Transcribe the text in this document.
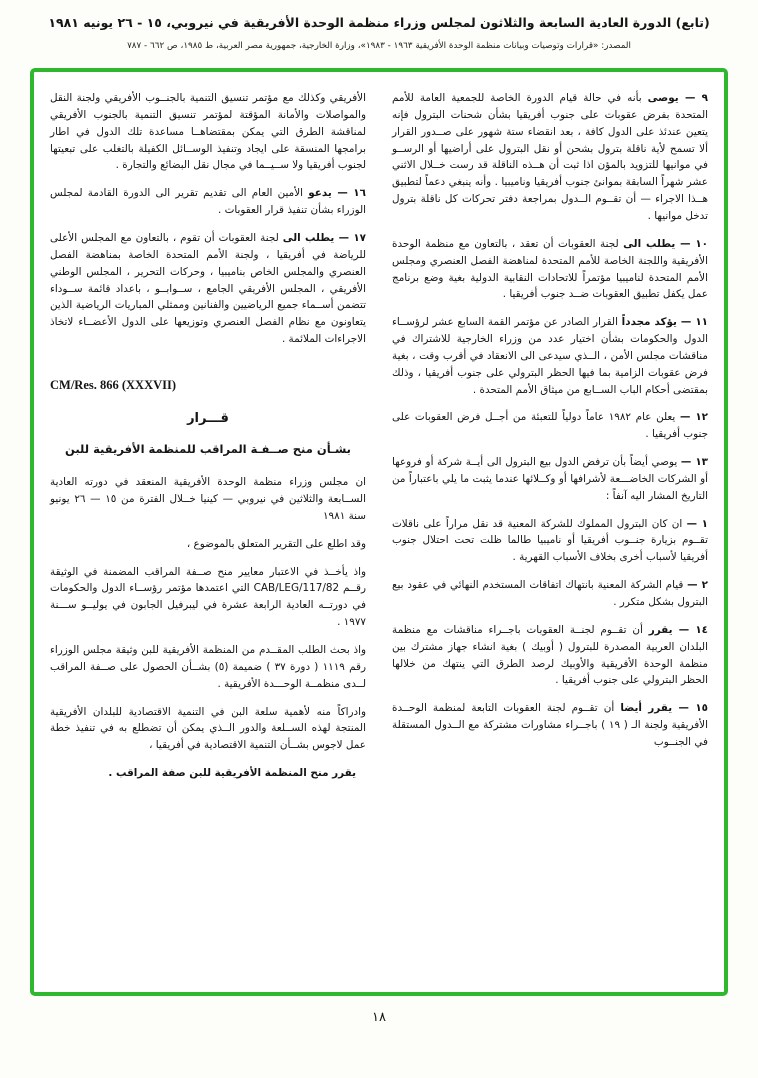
(تابع) الدورة العادية السابعة والثلاثون لمجلس وزراء منظمة الوحدة الأفريقية في نيروبي، ١٥ - ٢٦ يونيه ١٩٨١
المصدر: «قرارات وتوصيات وبيانات منظمة الوحدة الأفريقية ١٩٦٣ - ١٩٨٣»، وزارة الخارجية، جمهورية مصر العربية، ط ١٩٨٥، ص ٦٦٢ - ٧٨٧

٩ — يوصى بأنه في حالة قيام الدورة الخاصة للجمعية العامة للأمم المتحدة بفرض عقوبات على جنوب أفريقيا بشأن شحنات البترول فإنه يتعين عندئذ على الدول كافة ، بعد انقضاء ستة شهور على صــدور القرار ألا تسمح لأية ناقلة بترول بشحن أو نقل البترول على أراضيها أو الرســو في موانيها للتزويد بالمؤن اذا ثبت أن هــذه الناقلة قد رست خــلال الاثني عشر شهراً السابقة بموانئ جنوب أفريقيا وناميبيا . وأنه ينبغي دعماً لتطبيق هــذا الاجراء — أن تقــوم الــدول بمراجعة دفتر تحركات كل ناقلة بترول تدخل موانيها .

١٠ — يطلب الى لجنة العقوبات أن تعقد ، بالتعاون مع منظمة الوحدة الأفريقية واللجنة الخاصة للأمم المتحدة لمناهضة الفصل العنصري ومجلس الأمم المتحدة لناميبيا مؤتمراً للاتحادات النقابية الدولية بغية وضع برنامج عمل يكفل تطبيق العقوبات ضــد جنوب أفريقيا .

١١ — يؤكد مجدداً القرار الصادر عن مؤتمر القمة السابع عشر لرؤســاء الدول والحكومات بشأن اختيار عدد من وزراء الخارجية للاشتراك في مناقشات مجلس الأمن ، الــذي سيدعى الى الانعقاد في أقرب وقت ، بغية فرض عقوبات الزامية بما فيها الحظر البترولي على جنوب أفريقيا ، وذلك بمقتضى أحكام الباب الســابع من ميثاق الأمم المتحدة .

١٢ — يعلن عام ١٩٨٢ عاماً دولياً للتعبئة من أجــل فرض العقوبات على جنوب أفريقيا .

١٣ — يوصي أيضاً بأن ترفض الدول بيع البترول الى أيــة شركة أو فروعها أو الشركات الخاضـــعة لأشرافها أو وكــلائها عندما يثبت ما يلي باعتباراً من التاريخ المشار اليه آنفاً :

١ — ان كان البترول المملوك للشركة المعنية قد نقل مراراً على ناقلات تقــوم بزيارة جنــوب أفريقيا أو ناميبيا طالما ظلت تحت احتلال جنوب أفريقيا لأسباب أخرى بخلاف الأسباب القهرية .

٢ — قيام الشركة المعنية بانتهاك اتفاقات المستخدم النهائي في عقود بيع البترول بشكل متكرر .

١٤ — يقرر أن تقــوم لجنــة العقوبات باجــراء مناقشات مع منظمة البلدان العربية المصدرة للبترول ( أوبيك ) بغية انشاء جهاز مشترك بين منظمة الوحدة الأفريقية والأوبيك لرصد الطرق التي ينتهك من خلالها الحظر البترولي على جنوب أفريقيا .

١٥ — يقرر أيضا أن تقــوم لجنة العقوبات التابعة لمنظمة الوحــدة الأفريقية ولجنة الـ ( ١٩ ) باجــراء مشاورات مشتركة مع الــدول المستقلة في الجنــوب

الأفريقي وكذلك مع مؤتمر تنسيق التنمية بالجنــوب الأفريقي ولجنة النقل والمواصلات والأمانة المؤقتة لمؤتمر تنسيق التنمية بالجنوب الأفريقي لمناقشة الطرق التي يمكن بمقتضاهــا مساعدة تلك الدول في اطار برامجها المنسقة على ايجاد وتنفيذ الوســائل الكفيلة بالتغلب على تبعيتها لجنوب أفريقيا ولا ســيــما في مجال نقل البضائع والتجارة .

١٦ — يدعو الأمين العام الى تقديم تقرير الى الدورة القادمة لمجلس الوزراء بشأن تنفيذ قرار العقوبات .

١٧ — يطلب الى لجنة العقوبات أن تقوم ، بالتعاون مع المجلس الأعلى للرياضة في أفريقيا ، ولجنة الأمم المتحدة الخاصة بمناهضة الفصل العنصري والمجلس الخاص بناميبيا ، وحركات التحرير ، المجلس الوطني الأفريقي ، المجلس الأفريقي الجامع ، ســوابــو ، باعداد قائمة ســوداء تتضمن أســماء جميع الرياضيين والفنانين وممثلي المباريات الرياضية الذين يتعاونون مع نظام الفصل العنصري وتوزيعها على الدول الأعضــاء لاتخاذ الاجراءات الملائمة .

CM/Res. 866 (XXXVII)

قـــرار
بشـأن منح صــفـة المراقب للمنظمة الأفريقية للبن

ان مجلس وزراء منظمة الوحدة الأفريقية المنعقد في دورته العادية الســابعة والثلاثين في نيروبي — كينيا خــلال الفترة من ١٥ — ٢٦ يونيو سنة ١٩٨١

وقد اطلع على التقرير المتعلق بالموضوع ،

واذ يأخــذ في الاعتبار معايير منح صــفة المراقب المضمنة في الوثيقة رقــم CAB/LEG/117/82 التي اعتمدها مؤتمر رؤســاء الدول والحكومات في دورتــه العادية الرابعة عشرة في ليبرفيل الجابون في يوليــو ســـنة ١٩٧٧ .

واذ بحث الطلب المقــدم من المنظمة الأفريقية للبن وثيقة مجلس الوزراء رقم ١١١٩ ( دورة ٣٧ ) ضميمة (٥) بشــأن الحصول على صــفة المراقب لــدى منظمــة الوحـــدة الأفريقية .

وادراكاً منه لأهمية سلعة البن في التنمية الاقتصادية للبلدان الأفريقية المنتجة لهذه الســلعة والدور الــذي يمكن أن تضطلع به في تنفيذ خطة عمل لاجوس بشــأن التنمية الاقتصادية في أفريقيا ،

يقرر منح المنظمة الأفريقية للبن صفة المراقب .

١٨
